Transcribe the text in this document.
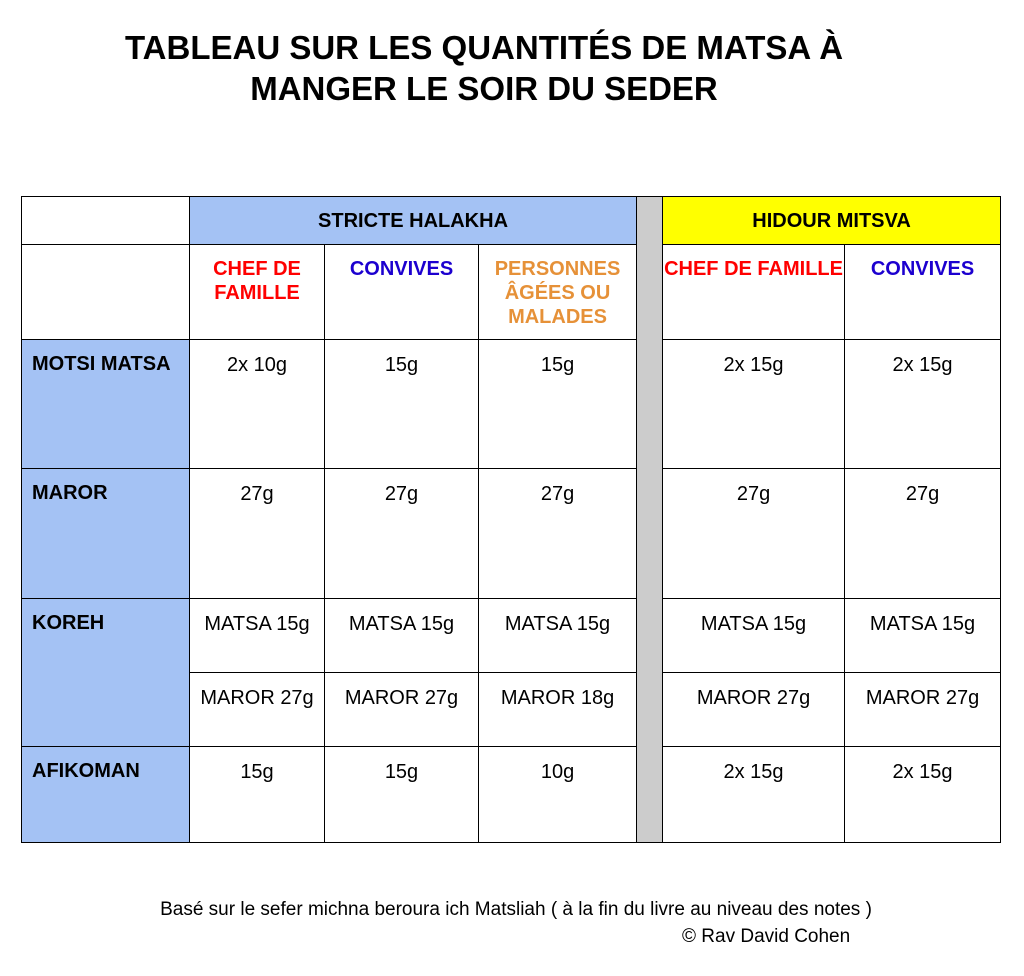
TABLEAU SUR LES QUANTITÉS DE MATSA À
MANGER LE SOIR DU SEDER
	STRICTE HALAKHA				HIDOUR MITSVA	
	CHEF DE FAMILLE	CONVIVES	PERSONNES ÂGÉES OU MALADES		CHEF DE FAMILLE	CONVIVES
MOTSI MATSA	2x 10g	15g	15g		2x 15g	2x 15g
MAROR	27g	27g	27g		27g	27g
KOREH	MATSA 15g	MATSA 15g	MATSA 15g		MATSA 15g	MATSA 15g
	MAROR 27g	MAROR 27g	MAROR 18g		MAROR 27g	MAROR 27g
AFIKOMAN	15g	15g	10g		2x 15g	2x 15g
Basé sur le sefer michna beroura ich Matsliah ( à la fin du livre au niveau des notes )
© Rav David Cohen
